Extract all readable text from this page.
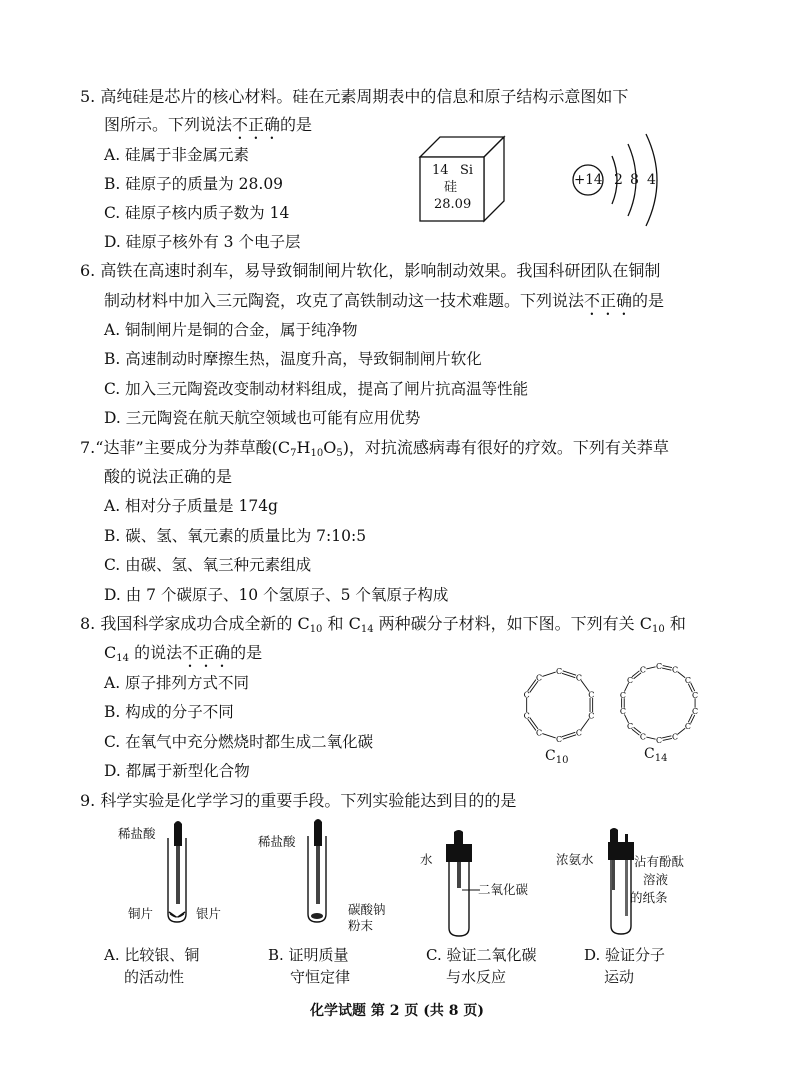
5. 高纯硅是芯片的核心材料。硅在元素周期表中的信息和原子结构示意图如下
图所示。下列说法不正确的是
A. 硅属于非金属元素
B. 硅原子的质量为 28.09
C. 硅原子核内质子数为 14
D. 硅原子核外有 3 个电子层
14 Si
硅
28.09
+14 2 8 4
6. 高铁在高速时刹车，易导致铜制闸片软化，影响制动效果。我国科研团队在铜制
制动材料中加入三元陶瓷，攻克了高铁制动这一技术难题。下列说法不正确的是
A. 铜制闸片是铜的合金，属于纯净物
B. 高速制动时摩擦生热，温度升高，导致铜制闸片软化
C. 加入三元陶瓷改变制动材料组成，提高了闸片抗高温等性能
D. 三元陶瓷在航天航空领域也可能有应用优势
7.“达菲”主要成分为莽草酸$(C_7H_{10}O_5)$，对抗流感病毒有很好的疗效。下列有关莽草
酸的说法正确的是
A. 相对分子质量是 174g
B. 碳、氢、氧元素的质量比为 7:10:5
C. 由碳、氢、氧三种元素组成
D. 由 7 个碳原子、10 个氢原子、5 个氧原子构成
8. 我国科学家成功合成全新的 $C_{10}$ 和 $C_{14}$ 两种碳分子材料，如下图。下列有关 $C_{10}$ 和
$C_{14}$ 的说法不正确的是
A. 原子排列方式不同
B. 构成的分子不同
C. 在氧气中充分燃烧时都生成二氧化碳
D. 都属于新型化合物
C
C
C
C
C
C
C
C
C
C
$C_{10}$
C C
C
C
C
C
C
C
C
C
C
C
C
C
$C_{14}$
9. 科学实验是化学学习的重要手段。下列实验能达到目的的是
稀盐酸
铜片	银片
稀盐酸
碳酸钠
粉末
水
二氧化碳
浓氨水	沾有酚酞
溶液
的纸条
A. 比较银、铜
的活动性
B. 证明质量
守恒定律
C. 验证二氧化碳
与水反应
D. 验证分子
运动
化学试题 第 2 页 (共 8 页)
